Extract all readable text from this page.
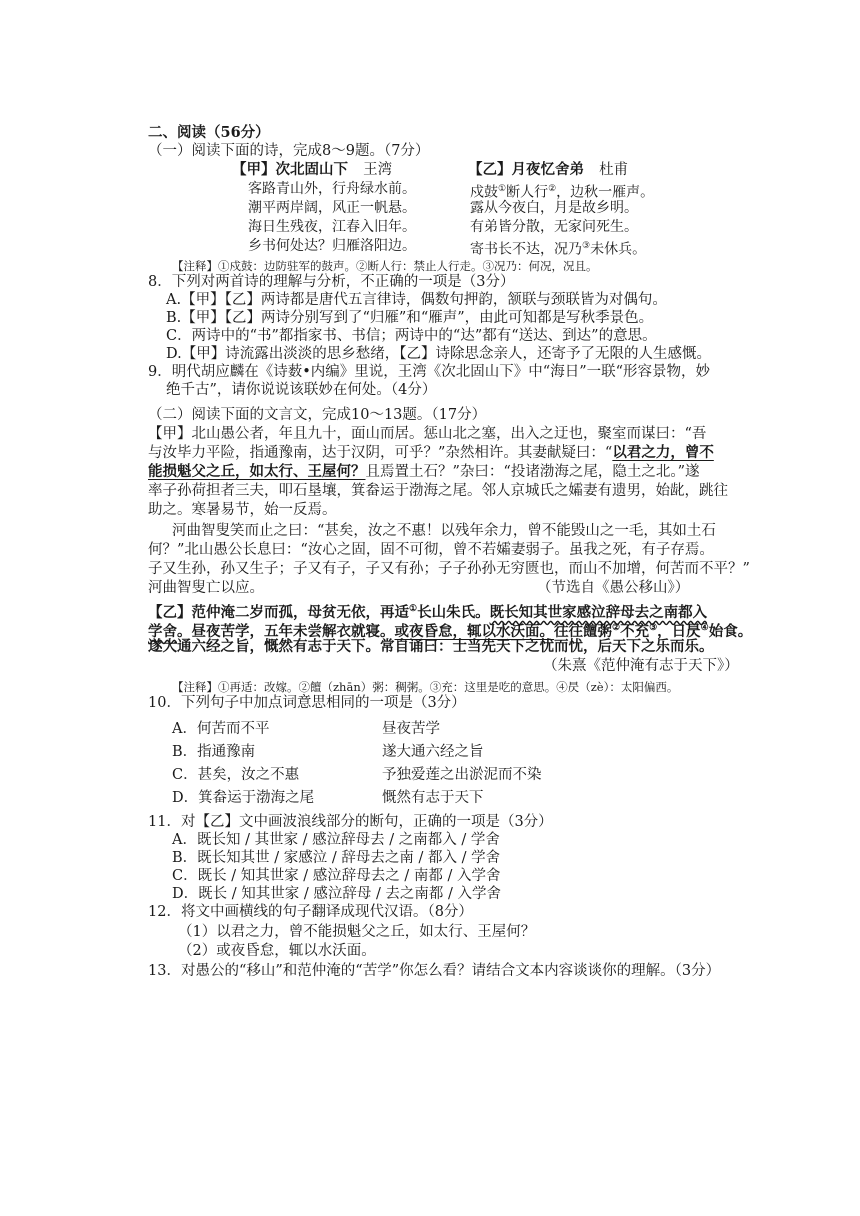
二、阅读（56分）
（一）阅读下面的诗，完成8～9题。（7分）
【甲】次北固山下 王湾
客路青山外，行舟绿水前。
潮平两岸阔，风正一帆悬。
海日生残夜，江春入旧年。
乡书何处达？归雁洛阳边。
【乙】月夜忆舍弟 杜甫
戍鼓①断人行②，边秋一雁声。
露从今夜白，月是故乡明。
有弟皆分散，无家问死生。
寄书长不达，况乃③未休兵。
【注释】①戍鼓：边防驻军的鼓声。②断人行：禁止人行走。③况乃：何况，况且。
8．下列对两首诗的理解与分析，不正确的一项是（3分）
A.【甲】【乙】两诗都是唐代五言律诗，偶数句押韵，颔联与颈联皆为对偶句。
B.【甲】【乙】两诗分别写到了“归雁”和“雁声”，由此可知都是写秋季景色。
C．两诗中的“书”都指家书、书信；两诗中的“达”都有“送达、到达”的意思。
D.【甲】诗流露出淡淡的思乡愁绪，【乙】诗除思念亲人，还寄予了无限的人生感慨。
9．明代胡应麟在《诗薮•内编》里说，王湾《次北固山下》中“海日”一联“形容景物，妙
绝千古”，请你说说该联妙在何处。（4分）
（二）阅读下面的文言文，完成10～13题。（17分）
【甲】北山愚公者，年且九十，面山而居。惩山北之塞，出入之迂也，聚室而谋曰：“吾
与汝毕力平险，指通豫南，达于汉阴，可乎？”杂然相许。其妻献疑曰：“以君之力，曾不
能损魁父之丘，如太行、王屋何？且焉置土石？”杂曰：“投诸渤海之尾，隐土之北。”遂
率子孙荷担者三夫，叩石垦壤，箕畚运于渤海之尾。邻人京城氏之孀妻有遗男，始龀，跳往
助之。寒暑易节，始一反焉。
河曲智叟笑而止之曰：“甚矣，汝之不惠！以残年余力，曾不能毁山之一毛，其如土石
何？”北山愚公长息曰：“汝心之固，固不可彻，曾不若孀妻弱子。虽我之死，有子存焉。
子又生孙，孙又生子；子又有子，子又有孙；子子孙孙无穷匮也，而山不加增，何苦而不平？”
河曲智叟亡以应。	（节选自《愚公移山》）
【乙】范仲淹二岁而孤，母贫无依，再适①长山朱氏。既长知其世家感泣辞母去之南都入
学舍。昼夜苦学，五年未尝解衣就寝。或夜昏怠，辄以水沃面。往往饘粥②不充③，日昃④始食。
遂大通六经之旨，慨然有志于天下。常自诵曰：士当先天下之忧而忧，后天下之乐而乐。
（朱熹《范仲淹有志于天下》）
【注释】①再适：改嫁。②饘（zhān）粥：稠粥。③充：这里是吃的意思。④昃（zè）：太阳偏西。
10．下列句子中加点词意思相同的一项是（3分）
A．何苦而不平	昼夜苦学
B．指通豫南	遂大通六经之旨
C．甚矣，汝之不惠	予独爱莲之出淤泥而不染
D．箕畚运于渤海之尾	慨然有志于天下
11．对【乙】文中画波浪线部分的断句，正确的一项是（3分）
A．既长知 / 其世家 / 感泣辞母去 / 之南都入 / 学舍
B．既长知其世 / 家感泣 / 辞母去之南 / 都入 / 学舍
C．既长 / 知其世家 / 感泣辞母去之 / 南都 / 入学舍
D．既长 / 知其世家 / 感泣辞母 / 去之南都 / 入学舍
12．将文中画横线的句子翻译成现代汉语。（8分）
（1）以君之力，曾不能损魁父之丘，如太行、王屋何？
（2）或夜昏怠，辄以水沃面。
13．对愚公的“移山”和范仲淹的“苦学”你怎么看？请结合文本内容谈谈你的理解。（3分）
